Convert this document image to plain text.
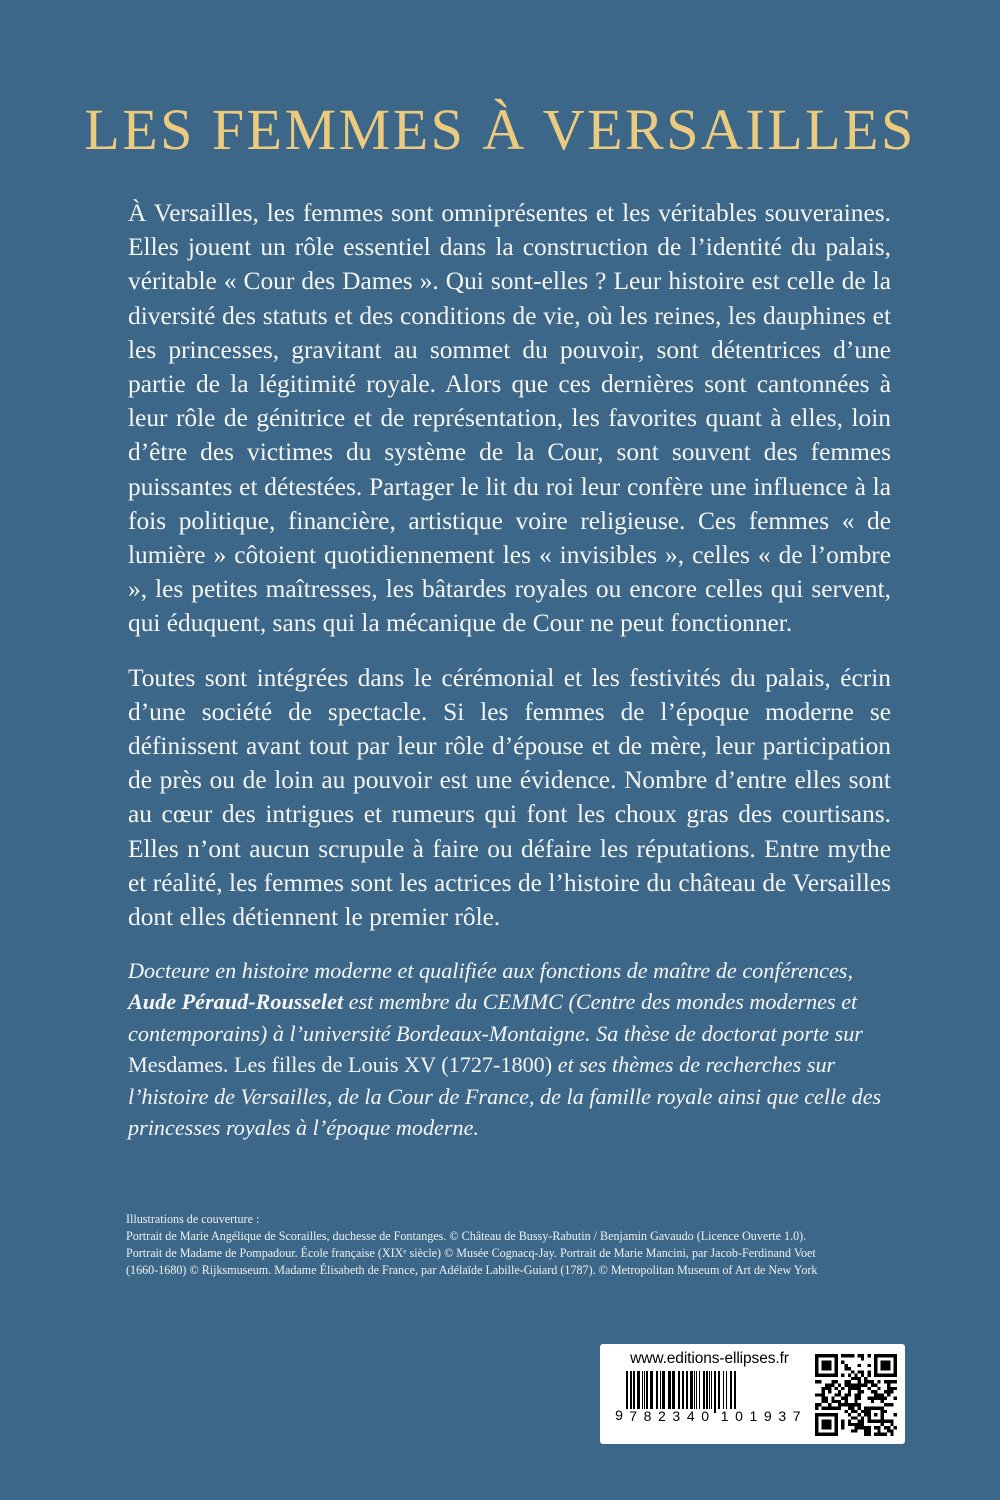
LES FEMMES À VERSAILLES

À Versailles, les femmes sont omniprésentes et les véritables souveraines. Elles jouent un rôle essentiel dans la construction de l’identité du palais, véritable « Cour des Dames ». Qui sont-elles ? Leur histoire est celle de la diversité des statuts et des conditions de vie, où les reines, les dauphines et les princesses, gravitant au sommet du pouvoir, sont détentrices d’une partie de la légitimité royale. Alors que ces dernières sont cantonnées à leur rôle de génitrice et de représentation, les favorites quant à elles, loin d’être des victimes du système de la Cour, sont souvent des femmes puissantes et détestées. Partager le lit du roi leur confère une influence à la fois politique, financière, artistique voire religieuse. Ces femmes « de lumière » côtoient quotidiennement les « invisibles », celles « de l’ombre », les petites maîtresses, les bâtardes royales ou encore celles qui servent, qui éduquent, sans qui la mécanique de Cour ne peut fonctionner.

Toutes sont intégrées dans le cérémonial et les festivités du palais, écrin d’une société de spectacle. Si les femmes de l’époque moderne se définissent avant tout par leur rôle d’épouse et de mère, leur participation de près ou de loin au pouvoir est une évidence. Nombre d’entre elles sont au cœur des intrigues et rumeurs qui font les choux gras des courtisans. Elles n’ont aucun scrupule à faire ou défaire les réputations. Entre mythe et réalité, les femmes sont les actrices de l’histoire du château de Versailles dont elles détiennent le premier rôle.

Docteure en histoire moderne et qualifiée aux fonctions de maître de conférences, Aude Péraud-Rousselet est membre du CEMMC (Centre des mondes modernes et contemporains) à l’université Bordeaux-Montaigne. Sa thèse de doctorat porte sur Mesdames. Les filles de Louis XV (1727-1800) et ses thèmes de recherches sur l’histoire de Versailles, de la Cour de France, de la famille royale ainsi que celle des princesses royales à l’époque moderne.
Illustrations de couverture :
Portrait de Marie Angélique de Scorailles, duchesse de Fontanges. © Château de Bussy-Rabutin / Benjamin Gavaudo (Licence Ouverte 1.0). Portrait de Madame de Pompadour. École française (XIXᵉ siècle) © Musée Cognacq-Jay. Portrait de Marie Mancini, par Jacob-Ferdinand Voet (1660-1680) © Rijksmuseum. Madame Élisabeth de France, par Adélaïde Labille-Guiard (1787). © Metropolitan Museum of Art de New York
www.editions-ellipses.fr
9 7 8 2 3 4 0 1 0 1 9 3 7
